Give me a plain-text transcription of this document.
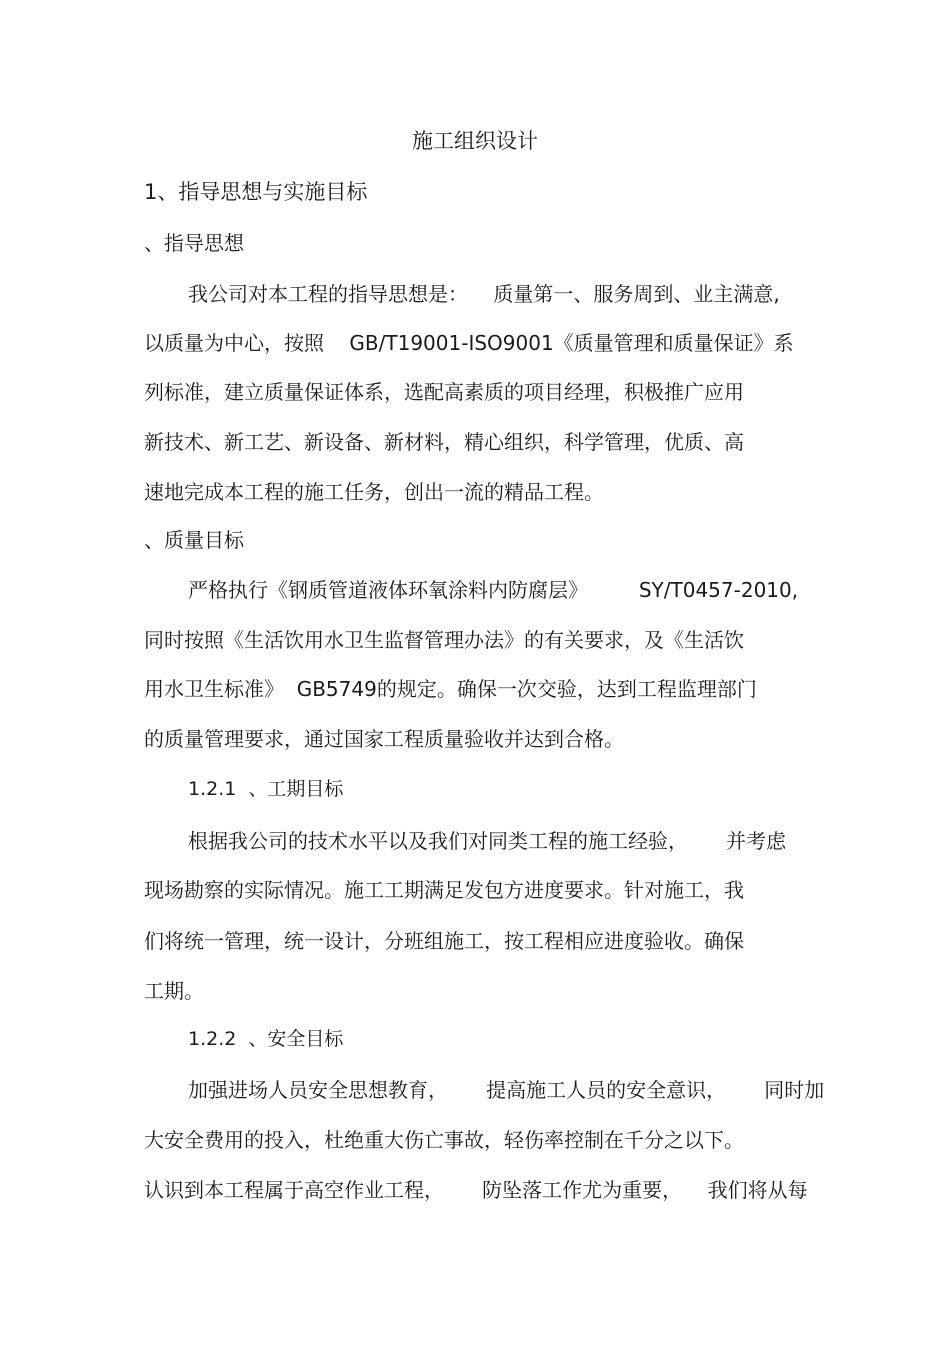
施工组织设计
1、指导思想与实施目标
、指导思想
我公司对本工程的指导思想是：    质量第一、服务周到、业主满意,
以质量为中心，按照    GB/T19001-ISO9001《质量管理和质量保证》系
列标准，建立质量保证体系，选配高素质的项目经理，积极推广应用
新技术、新工艺、新设备、新材料，精心组织，科学管理，优质、高
速地完成本工程的施工任务，创出一流的精品工程。
、质量目标
严格执行《钢质管道液体环氧涂料内防腐层》        SY/T0457-2010,
同时按照《生活饮用水卫生监督管理办法》的有关要求，及《生活饮
用水卫生标准》  GB5749的规定。确保一次交验，达到工程监理部门
的质量管理要求，通过国家工程质量验收并达到合格。
1.2.1  、工期目标
根据我公司的技术水平以及我们对同类工程的施工经验，      并考虑
现场勘察的实际情况。施工工期满足发包方进度要求。针对施工，我
们将统一管理，统一设计，分班组施工，按工程相应进度验收。确保
工期。
1.2.2  、安全目标
加强进场人员安全思想教育，      提高施工人员的安全意识，      同时加
大安全费用的投入，杜绝重大伤亡事故，轻伤率控制在千分之以下。
认识到本工程属于高空作业工程，      防坠落工作尤为重要，    我们将从每
